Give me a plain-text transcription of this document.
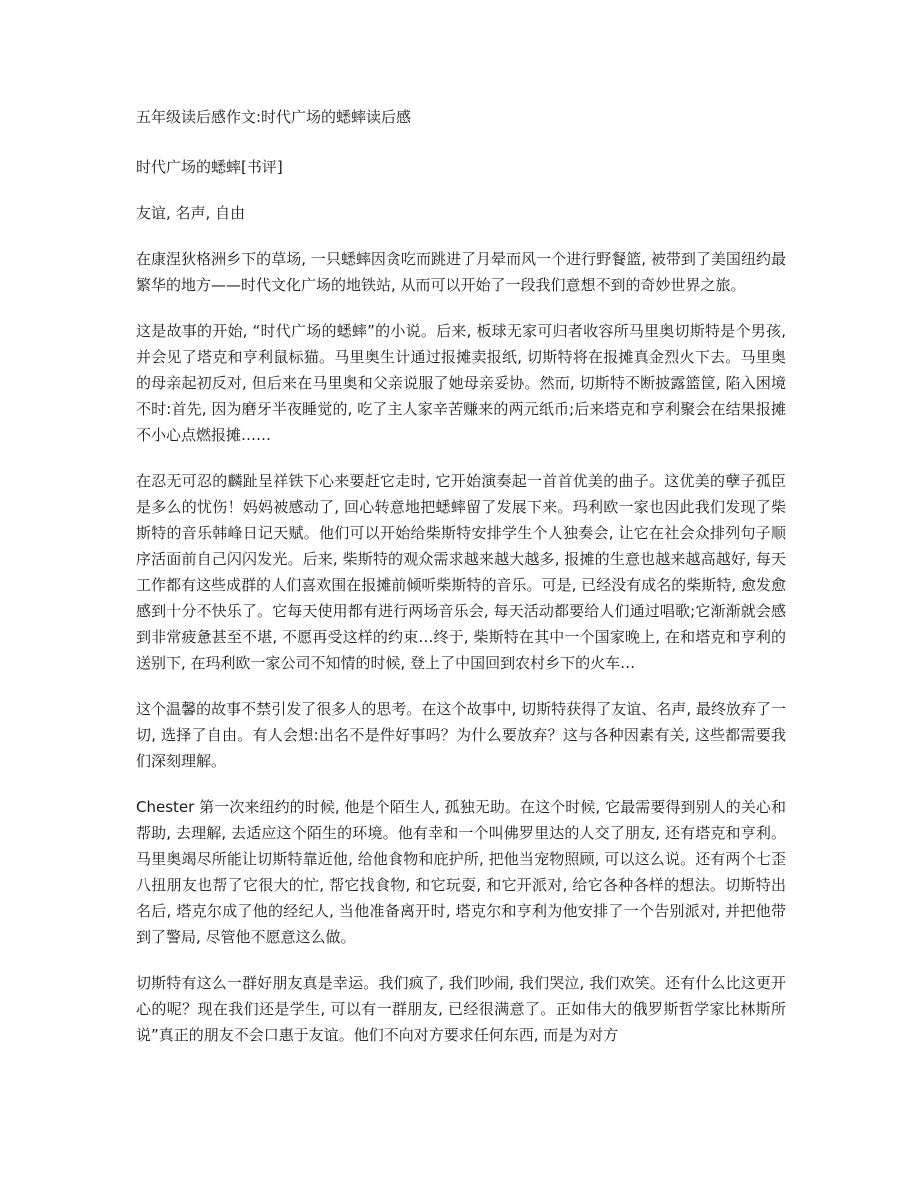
五年级读后感作文:时代广场的蟋蟀读后感

时代广场的蟋蟀[书评]

友谊, 名声, 自由

在康涅狄格洲乡下的草场, 一只蟋蟀因贪吃而跳进了月晕而风一个进行野餐篮, 被带到了美国纽约最繁华的地方——时代文化广场的地铁站, 从而可以开始了一段我们意想不到的奇妙世界之旅。

这是故事的开始, “时代广场的蟋蟀”的小说。后来, 板球无家可归者收容所马里奥切斯特是个男孩, 并会见了塔克和亨利鼠标猫。马里奥生计通过报摊卖报纸, 切斯特将在报摊真金烈火下去。马里奥的母亲起初反对, 但后来在马里奥和父亲说服了她母亲妥协。然而, 切斯特不断披露篮筐, 陷入困境不时:首先, 因为磨牙半夜睡觉的, 吃了主人家辛苦赚来的两元纸币;后来塔克和亨利聚会在结果报摊不小心点燃报摊……

在忍无可忍的麟趾呈祥铁下心来要赶它走时, 它开始演奏起一首首优美的曲子。这优美的孽子孤臣是多么的忧伤！妈妈被感动了, 回心转意地把蟋蟀留了发展下来。玛利欧一家也因此我们发现了柴斯特的音乐韩峰日记天赋。他们可以开始给柴斯特安排学生个人独奏会, 让它在社会众排列句子顺序活面前自己闪闪发光。后来, 柴斯特的观众需求越来越大越多, 报摊的生意也越来越高越好, 每天工作都有这些成群的人们喜欢围在报摊前倾听柴斯特的音乐。可是, 已经没有成名的柴斯特, 愈发愈感到十分不快乐了。它每天使用都有进行两场音乐会, 每天活动都要给人们通过唱歌;它渐渐就会感到非常疲惫甚至不堪, 不愿再受这样的约束…终于, 柴斯特在其中一个国家晚上, 在和塔克和亨利的送别下, 在玛利欧一家公司不知情的时候, 登上了中国回到农村乡下的火车…

这个温馨的故事不禁引发了很多人的思考。在这个故事中, 切斯特获得了友谊、名声, 最终放弃了一切, 选择了自由。有人会想:出名不是件好事吗？为什么要放弃？这与各种因素有关, 这些都需要我们深刻理解。

Chester 第一次来纽约的时候, 他是个陌生人, 孤独无助。在这个时候, 它最需要得到别人的关心和帮助, 去理解, 去适应这个陌生的环境。他有幸和一个叫佛罗里达的人交了朋友, 还有塔克和亨利。马里奥竭尽所能让切斯特靠近他, 给他食物和庇护所, 把他当宠物照顾, 可以这么说。还有两个七歪八扭朋友也帮了它很大的忙, 帮它找食物, 和它玩耍, 和它开派对, 给它各种各样的想法。切斯特出名后, 塔克尔成了他的经纪人, 当他准备离开时, 塔克尔和亨利为他安排了一个告别派对, 并把他带到了警局, 尽管他不愿意这么做。

切斯特有这么一群好朋友真是幸运。我们疯了, 我们吵闹, 我们哭泣, 我们欢笑。还有什么比这更开心的呢？现在我们还是学生, 可以有一群朋友, 已经很满意了。正如伟大的俄罗斯哲学家比林斯所说”真正的朋友不会口惠于友谊。他们不向对方要求任何东西, 而是为对方
